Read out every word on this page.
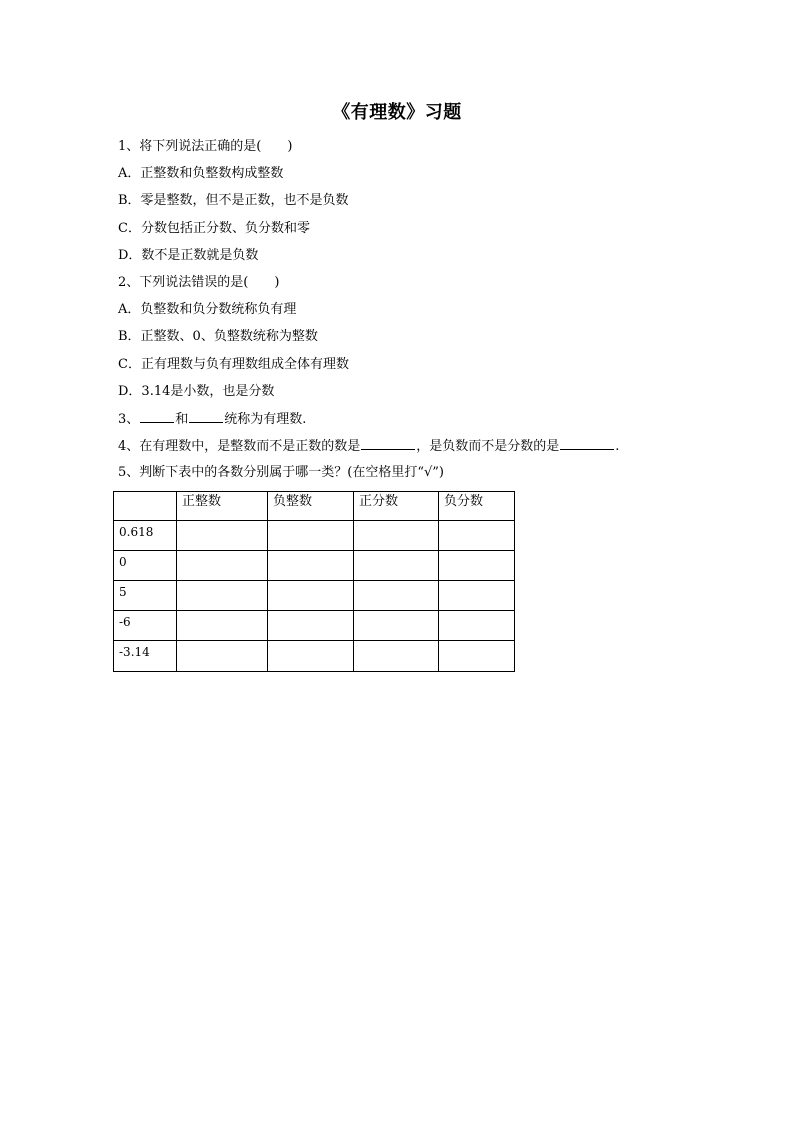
《有理数》习题
1、将下列说法正确的是(　　)
A．正整数和负整数构成整数
B．零是整数，但不是正数，也不是负数
C．分数包括正分数、负分数和零
D．数不是正数就是负数
2、下列说法错误的是(　　)
A．负整数和负分数统称负有理
B．正整数、0、负整数统称为整数
C．正有理数与负有理数组成全体有理数
D．3.14是小数，也是分数
3、	和	统称为有理数.
4、在有理数中，是整数而不是正数的数是	，是负数而不是分数的是	.
5、判断下表中的各数分别属于哪一类？(在空格里打“√”)
	正整数	负整数	正分数	负分数
0.618				
0				
5				
-6				
-3.14				
